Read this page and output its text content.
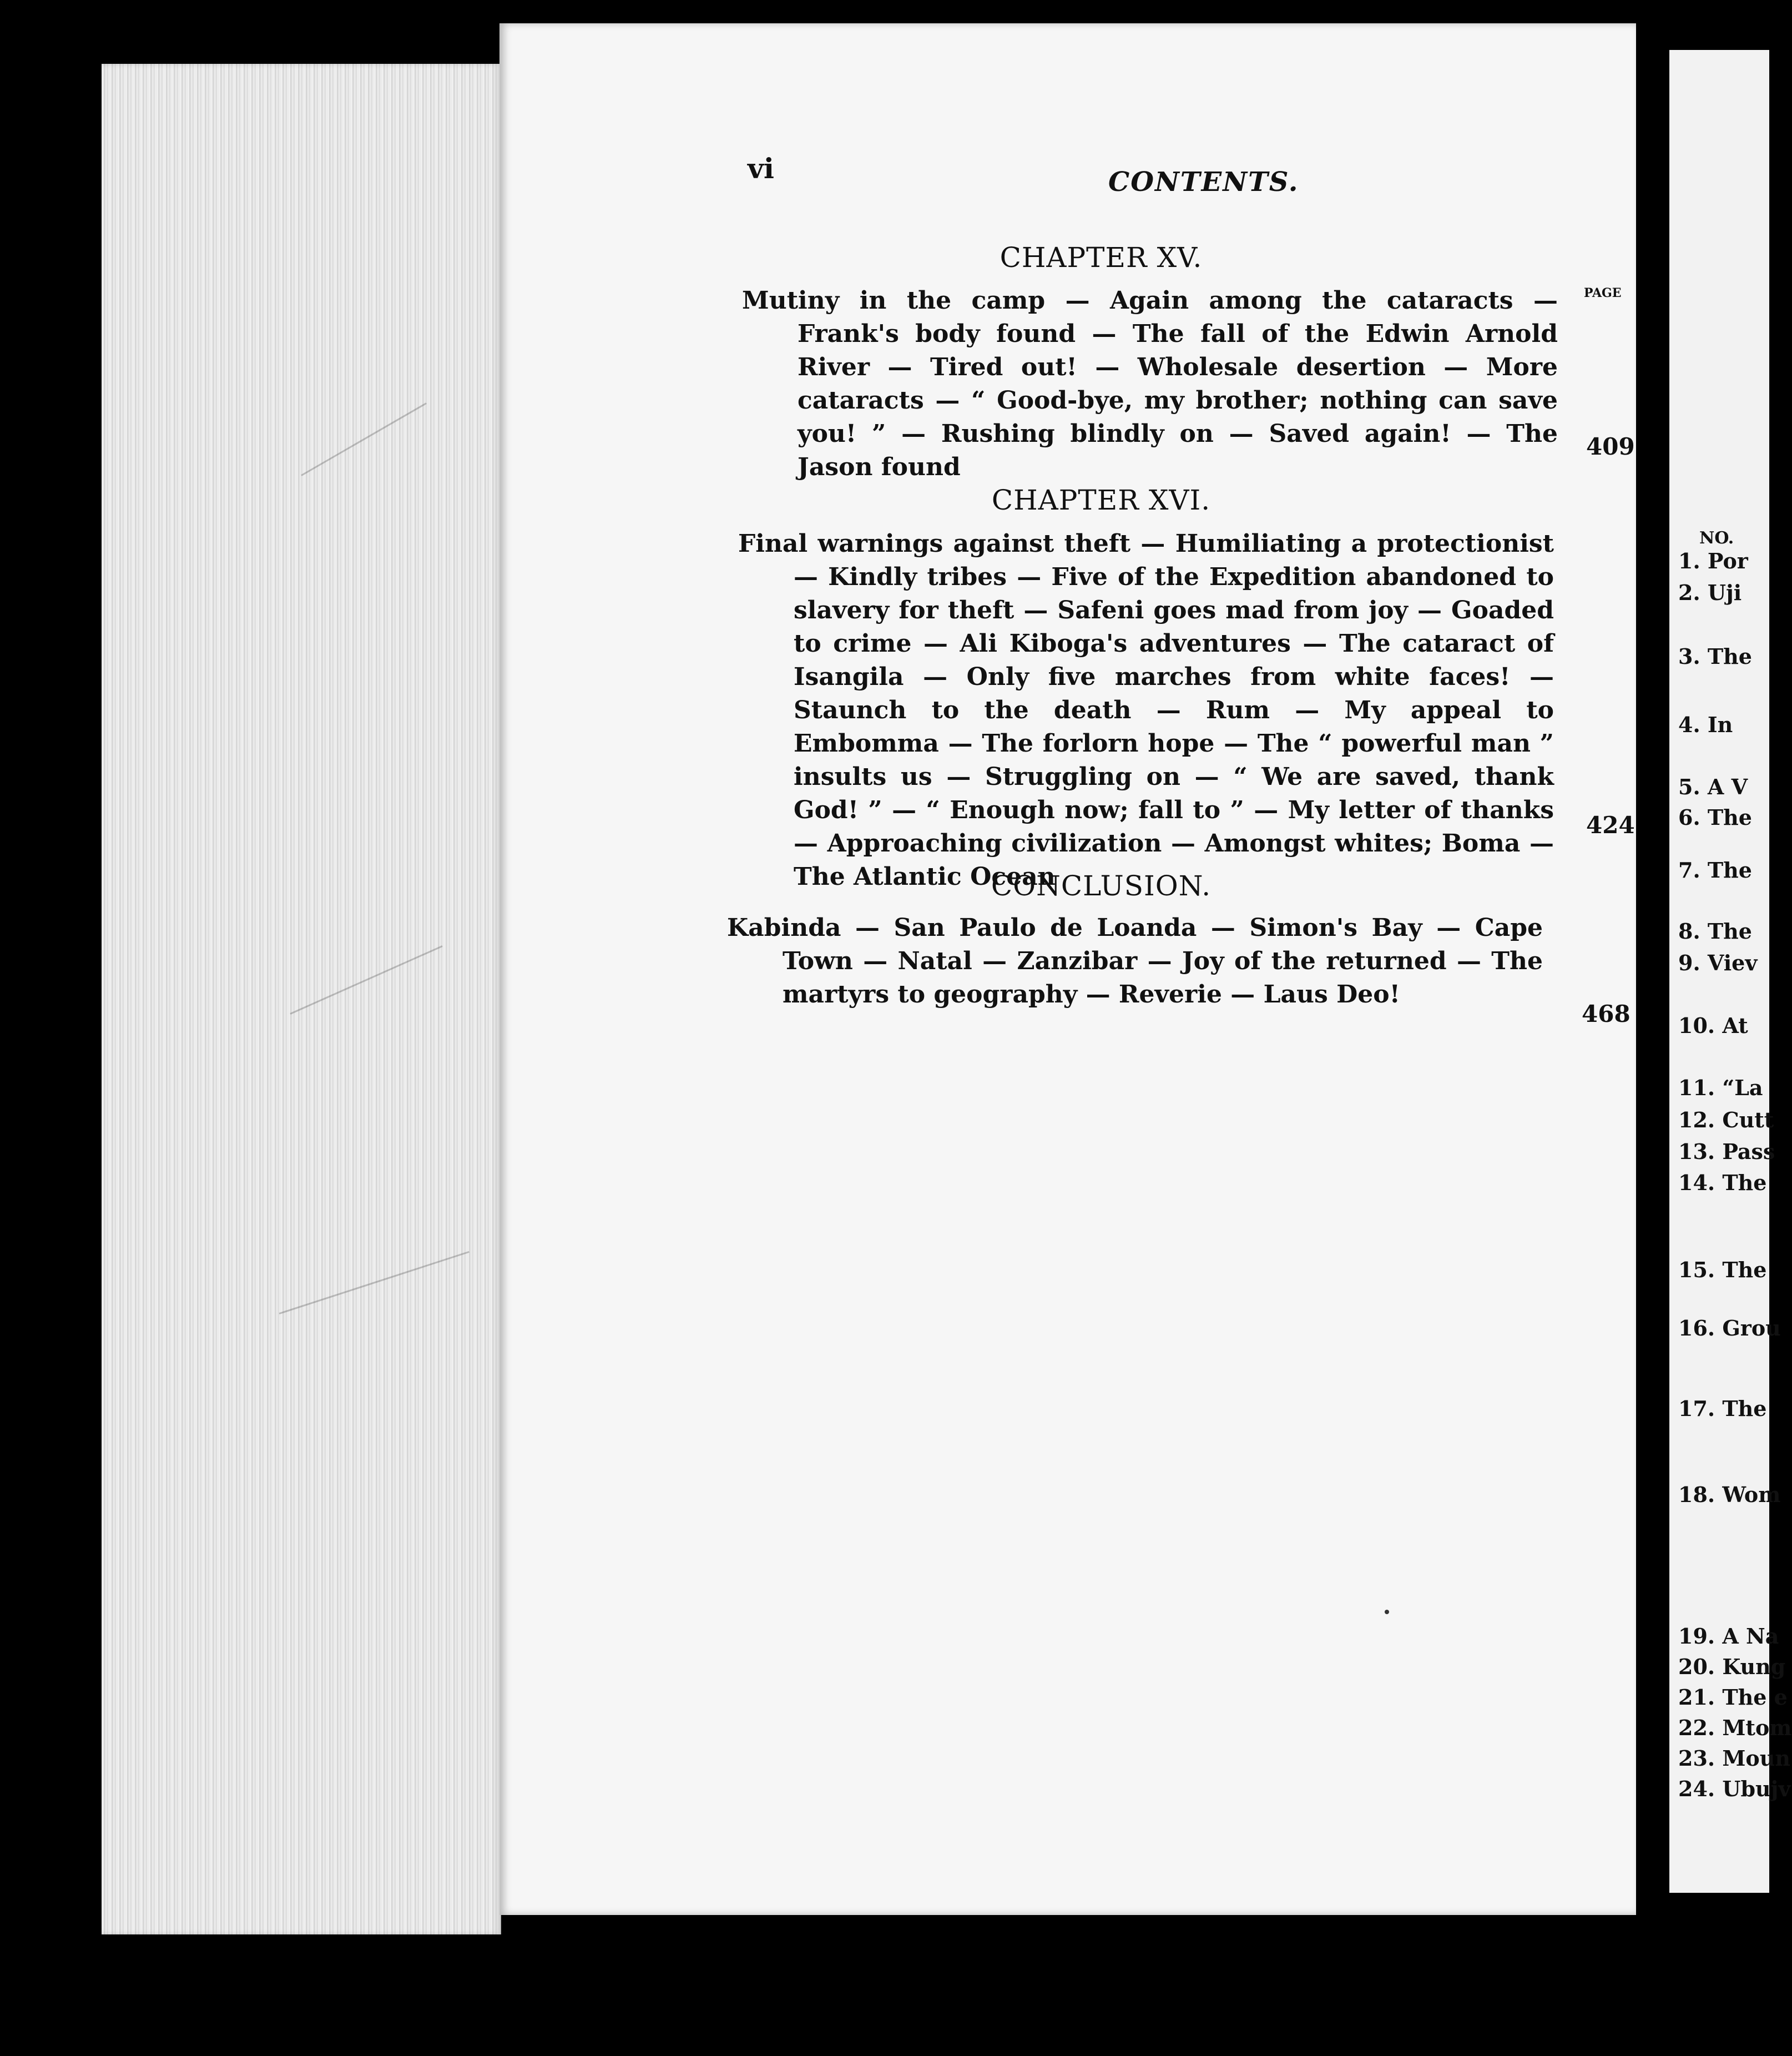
vi	CONTENTS.
CHAPTER XV.
PAGE
Mutiny in the camp — Again among the cataracts — Frank's body found — The fall of the Edwin Arnold River — Tired out! — Wholesale desertion — More cataracts — “ Good-bye, my brother; nothing can save you! ” — Rushing blindly on — Saved again! — The Jason found
409
CHAPTER XVI.
Final warnings against theft — Humiliating a protectionist — Kindly tribes — Five of the Expedition abandoned to slavery for theft — Safeni goes mad from joy — Goaded to crime — Ali Kiboga's adventures — The cataract of Isangila — Only five marches from white faces! — Staunch to the death — Rum — My appeal to Embomma — The forlorn hope — The “ powerful man ” insults us — Struggling on — “ We are saved, thank God! ” — “ Enough now; fall to ” — My letter of thanks — Approaching civilization — Amongst whites; Boma — The Atlantic Ocean
424
CONCLUSION.
Kabinda — San Paulo de Loanda — Simon's Bay — Cape Town — Natal — Zanzibar — Joy of the returned — The martyrs to geography — Reverie — Laus Deo!
468
NO.
1. Por
2. Uji
3. The
4. In
5. A V
6. The
7. The
8. The
9. Viev
10. At
11. “La
12. Cutt
13. Pass
14. The
15. The
16. Grou
17. The
18. Wom
19. A Na
20. Kung
21. The e
22. Mtom
23. Moun
24. Ubujv
